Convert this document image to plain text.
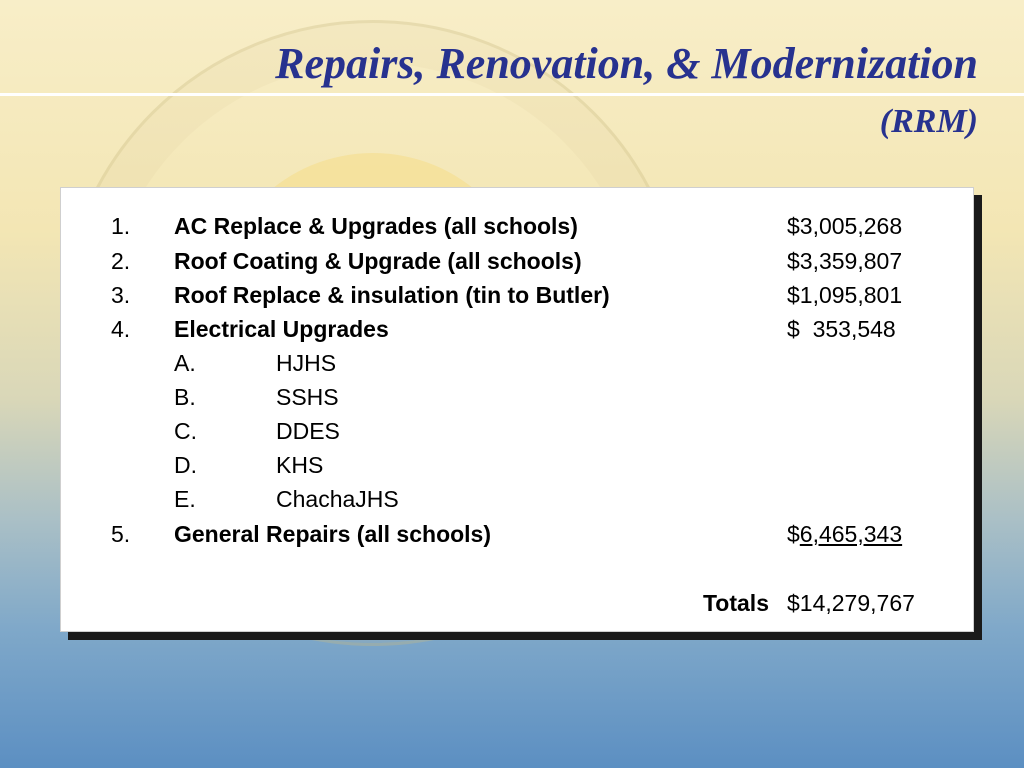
Repairs, Renovation, & Modernization
(RRM)
1. AC Replace & Upgrades (all schools)	$3,005,268
2. Roof Coating & Upgrade (all schools)	$3,359,807
3. Roof Replace & insulation (tin to Butler)	$1,095,801
4. Electrical Upgrades	$  353,548
A.	HJHS
B.	SSHS
C.	DDES
D.	KHS
E.	ChachaJHS
5. General Repairs (all schools)	$6,465,343
Totals $14,279,767
